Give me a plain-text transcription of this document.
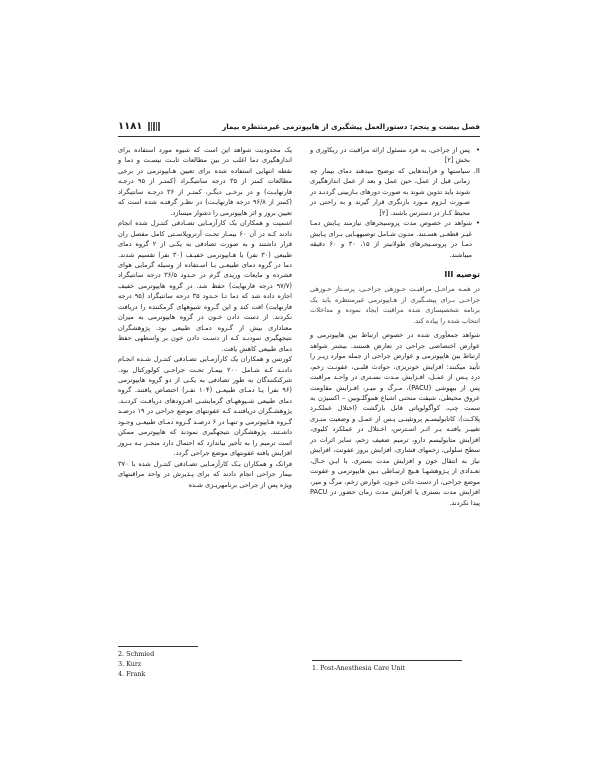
فصل بیست و پنجم: دستورالعمل پیشگیری از هایپوترمی غیرمنتظره بیمار
۱۱۸۱

•
پس از جراحی، به فرد مسئول ارائه مراقبت در ریکاوری و بخش [۲]

II.
سیاستها و فرآیندهایی که توضیح میدهند دمای بیمار چه زمانی قبل از عمل، حین عمل و بعد از عمل اندازهگیری شوند باید تدوین شوند به صورت دورهای بـازبینی گردنـد در صـورت لـزوم مـورد بازنگری قرار گیرند و به راحتی در محیط کـار در دسترس باشند. [۲]

•
شواهد در خصوص مدت پروسیجرهای نیازمند پـایش دمـا غیـر قطعـی هسـتند. متـون شـامل توصیههـایی بـرای پـایش دمـا در پروسـیجرهای طولانیتر از ۱۵، ۳۰ و ۶۰ دقیقه میباشند.

توصیه III

در همـه مراحـل مراقبـت حـوزهی جراحـی، پرسـتار حـوزهی جراحـی بـرای پیشـگیری از هـایپوترمی غیرمنتظره باید یک برنامه شخصیسازی شده مراقبت ایجاد نموده و مداخلات انتخاب شده را پیاده کند.

شواهد جمعآوری شده در خصوص ارتباط بین هایپوترمی و عوارض اختصاصی جراحی در تعارض هستند. بیشتر شواهد ارتباط بین هایپوترمی و عوارض جراحی از جمله موارد زیـر را تأیید میکنند: افزایش خونریزی، حوادث قلبـی، عفونـت زخم، درد پـس از عمـل، افـزایش مـدت بسـتری در واحـد مراقبت پس از بیهوشی (PACU)، مـرگ و میـر، افـزایش مقاومت عروق محیطی، شیفت منحنی اشباع هموگلـوبین – اکسیژن به سمت چپ، کوآگولوپاتی قابل بازگشت (اختلال عملکـرد پلاکـت)، کاتابولیسـم پروتئینـی پـس از عمـل و وضعیت منـزی تغییـر یافتـه بـر اثـر اسـترس، اخـتلال در عملکرد کلیوی، افزایش متابولیسم دارو، ترمیم ضعیف زخم، سایر اثرات در سطح سلولی، زخمهای فشاری، افزایش بروز عفونت، افزایش نیاز به انتقال خون و افزایش مدت بستری. با ایـن حـال، تعـدادی از پـژوهشهـا هـیچ ارتبـاطی بـین هایپوترمی و عفونت موضع جراحی، از دست دادن خـون، عوارض زخم، مرگ و میر، افزایش مدت بستری یا افزایش مدت زمان حضور در PACU پیدا نکردند.

یک محدودیت شواهد این است که شیوه مورد استفاده برای اندازهگیری دما اغلب در بین مطالعات ثابـت نیسـت و دما و نقطه انتهایی استفاده شده برای تعیین هـایپوترمی در برخی مطالعات کمتر از ۳۵ درجه سانتیگـراد (کمتـر از ۹۵ درجـه فارنهایـت) و در برخـی دیگـر، کمتـر از ۳۶ درجـه سانتیگراد (کمتر از ۹۶/۸ درجه فارنهایـت) در نظـر گرفتـه شده است که تعیین بروز و اثر هایپوترمی را دشوار میسازد.

اشمیت و همکاران یک کارآزمـایی تصـادفی کنتـرل شده انجام دادند کـه در آن ۶۰ بیمـار تحـت آرتروپلاسـتی کامل مفصل ران قرار داشتند و به صورت تصادفی به یکـی از ۲ گروه دمای طبیعی (۳۰ نفر) یا هـایپوترمی خفیـف (۳۰ نفر) تقسیم شدند. دما در گروه دمای طبیعـی بـا اسـتفاده از وسیله گرمایی هوای فشرده و مایعات وریدی گرم در حـدود ۳۶/۵ درجه سانتیگراد (۹۷/۷ درجه فارنهایت) حفظ شد. در گروه هایپوترمی خفیف اجازه داده شد که دما تـا حـدود ۳۵ درجه سانتیگراد (۹۵ درجه فارنهایت) افت کند و این گـروه شیوههای گرمکننده را دریافت نکردند. از دست دادن خـون در گروه هایپوترمی به میزان معناداری بیش از گـروه دمـای طبیعی بود. پژوهشگران نتیجهگیری نمودنـد کـه از دسـت دادن خون بر واسطهی حفظ دمای طبیعی کاهش یافت.

کورتس و همکاران یک کارآزمـایی تصـادفی کنتـرل شـده انجـام دادنـد کـه شـامل ۲۰۰ بیمـار تحـت جراحـی کولورکتال بود. شرکتکنندگان به طور تصادفی به یکـی از دو گروه هایپوترمی (۹۶ نفر) یـا دمـای طبیعـی (۱۰۴ نفـر) اختصاص یافتند. گروه دمای طبیعی شـیوههـای گرمایشـی افـزودهای دریافـت کردنـد. پژوهشـگران دریافتنـد کـه عفونتهای موضع جراحی در ۱۹ درصـد گـروه هـایپوترمی و تنهـا در ۶ درصـد گـروه دمـای طبیعـی وجـود داشـتند. پژوهشگران نتیجهگیری نمودند که هایپوترمی ممکن است ترمیم را به تأخیر بیاندازد که احتمال دارد منجـر بـه بـروز افزایش یافته عفونتهای موضع جراحی گردد.

فرانک و همکاران یـک کارآزمـایی تصـادفی کنتـرل شده با ۳۷۰ بیمار جراحی انجام دادند که برای پـذیرش در واحد مراقبتهای ویژه پس از جراحی برنامهریـزی شـده

2. Schmied
3. Kurz
4. Frank
1. Post-Anesthesia Care Unit
